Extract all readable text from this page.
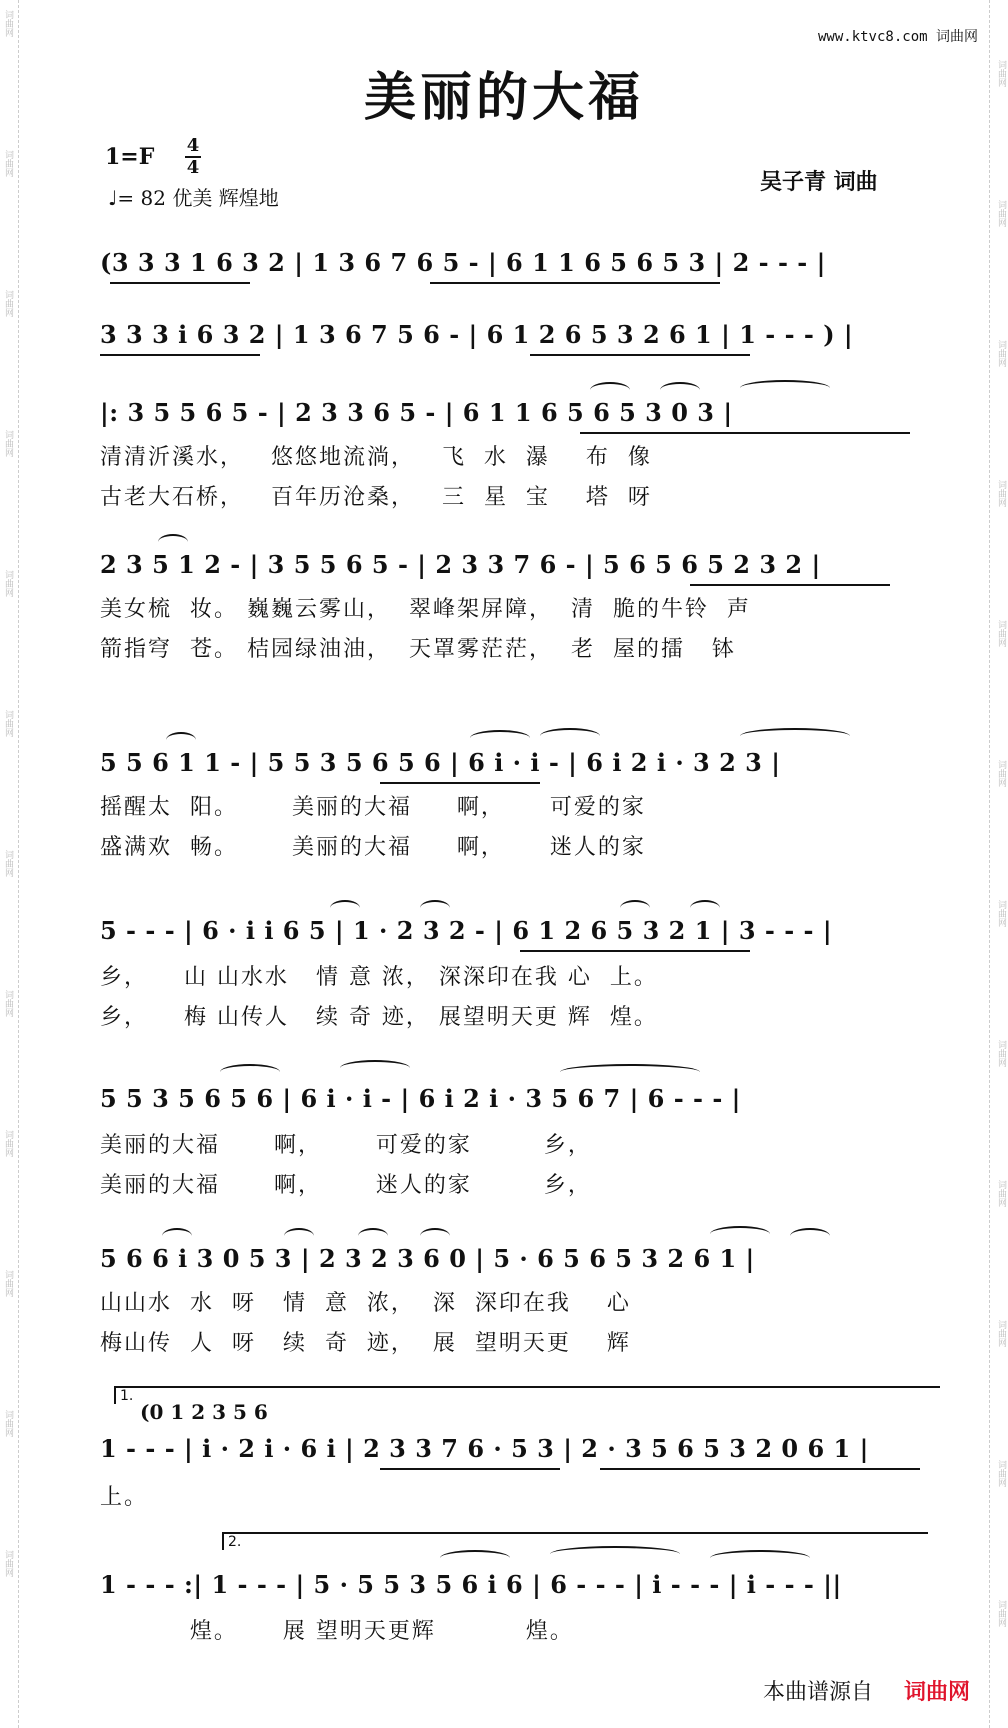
词曲网
词曲网
词曲网
词曲网
词曲网
词曲网
词曲网
词曲网
词曲网
词曲网
词曲网
词曲网
词曲网
词曲网
词曲网
词曲网
词曲网
词曲网
词曲网
词曲网
词曲网
词曲网
词曲网
词曲网
www.ktvc8.com 词曲网
美丽的大福
1=F 4
4
♩= 82 优美 辉煌地
吴子青 词曲
(3 3 3 1 6 3 2 | 1 3 6 7 6 5 - | 6 1 1 6 5 6 5 3 | 2 - - - |
3 3 3 i 6 3 2 | 1 3 6 7 5 6 - | 6 1 2 6 5 3 2 6 1 | 1 - - - ) |
|: 3 5 5 6 5 - | 2 3 3 6 5 - | 6 1 1 6 5 6 5 3 0 3 |
清清沂溪水，   悠悠地流淌，   飞  水  瀑    布  像
古老大石桥，   百年历沧桑，   三  星  宝    塔  呀
2 3 5 1 2 - | 3 5 5 6 5 - | 2 3 3 7 6 - | 5 6 5 6 5 2 3 2 |
美女梳  妆。 巍巍云雾山，  翠峰架屏障，  清  脆的牛铃  声
箭指穹  苍。 桔园绿油油，  天罩雾茫茫，  老  屋的擂   钵
5 5 6 1 1 - | 5 5 3 5 6 5 6 | 6 i · i - | 6 i 2 i · 3 2 3 |
摇醒太  阳。      美丽的大福     啊，     可爱的家
盛满欢  畅。      美丽的大福     啊，     迷人的家
5 - - - | 6 · i i 6 5 | 1 · 2 3 2 - | 6 1 2 6 5 3 2 1 | 3 - - - |
乡，    山 山水水   情 意 浓， 深深印在我 心  上。
乡，    梅 山传人   续 奇 迹， 展望明天更 辉  煌。
5 5 3 5 6 5 6 | 6 i · i - | 6 i 2 i · 3 5 6 7 | 6 - - - |
美丽的大福      啊，      可爱的家        乡，
美丽的大福      啊，      迷人的家        乡，
5 6 6 i 3 0 5 3 | 2 3 2 3 6 0 | 5 · 6 5 6 5 3 2 6 1 |
山山水  水  呀   情  意  浓，  深  深印在我    心
梅山传  人  呀   续  奇  迹，  展  望明天更    辉
1.
(0 1 2 3 5 6
1 - - - | i · 2 i · 6 i | 2 3 3 7 6 · 5 3 | 2 · 3 5 6 5 3 2 0 6 1 |
上。
2.
1 - - - :| 1 - - - | 5 · 5 5 3 5 6 i 6 | 6 - - - | i - - - | i - - - ||
煌。     展 望明天更辉          煌。
本曲谱源自 词曲网
